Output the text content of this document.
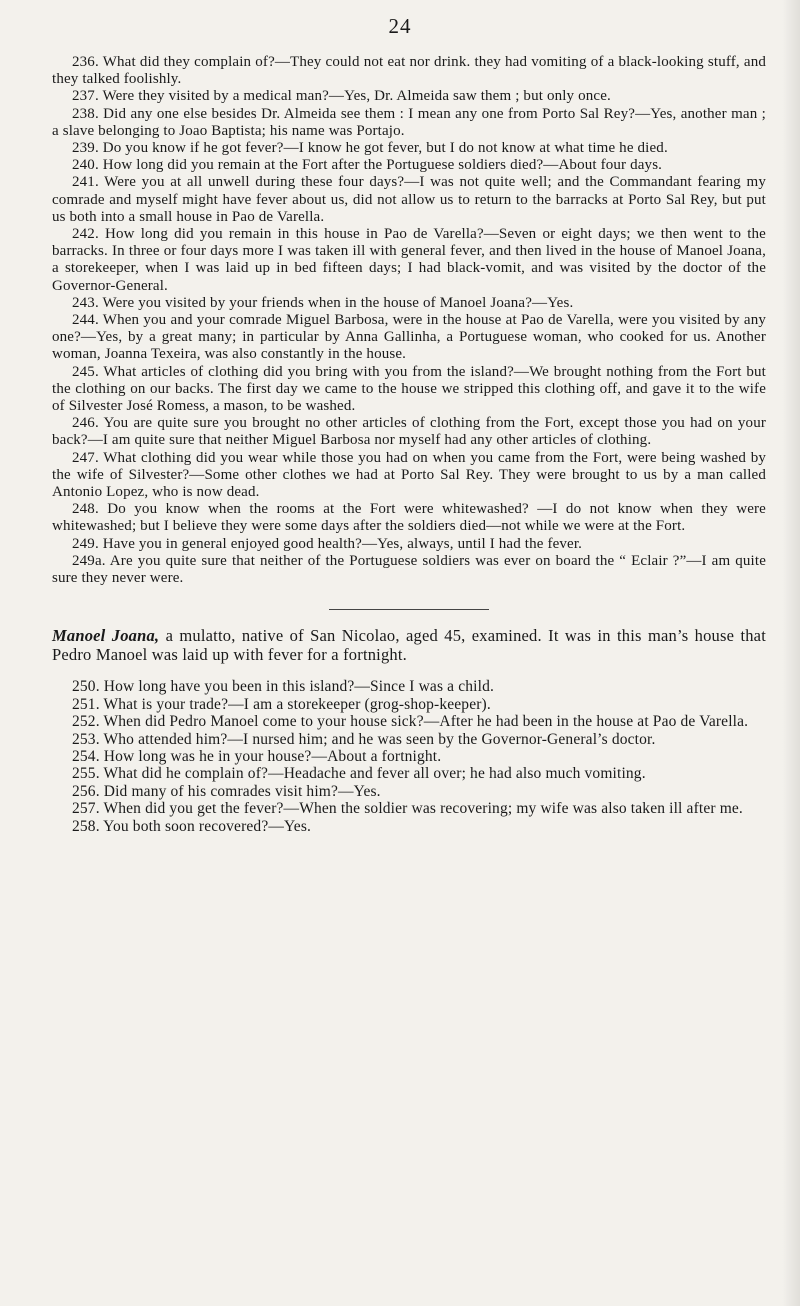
24

236. What did they complain of?—They could not eat nor drink. they had vomiting of a black-looking stuff, and they talked foolishly.

237. Were they visited by a medical man?—Yes, Dr. Almeida saw them ; but only once.

238. Did any one else besides Dr. Almeida see them : I mean any one from Porto Sal Rey?—Yes, another man ; a slave belonging to Joao Baptista; his name was Portajo.

239. Do you know if he got fever?—I know he got fever, but I do not know at what time he died.

240. How long did you remain at the Fort after the Portuguese soldiers died?—About four days.

241. Were you at all unwell during these four days?—I was not quite well; and the Commandant fearing my comrade and myself might have fever about us, did not allow us to return to the barracks at Porto Sal Rey, but put us both into a small house in Pao de Varella.

242. How long did you remain in this house in Pao de Varella?—Seven or eight days; we then went to the barracks. In three or four days more I was taken ill with general fever, and then lived in the house of Manoel Joana, a storekeeper, when I was laid up in bed fifteen days; I had black-vomit, and was visited by the doctor of the Governor-General.

243. Were you visited by your friends when in the house of Manoel Joana?—Yes.

244. When you and your comrade Miguel Barbosa, were in the house at Pao de Varella, were you visited by any one?—Yes, by a great many; in particular by Anna Gallinha, a Portuguese woman, who cooked for us. Another woman, Joanna Texeira, was also constantly in the house.

245. What articles of clothing did you bring with you from the island?—We brought nothing from the Fort but the clothing on our backs. The first day we came to the house we stripped this clothing off, and gave it to the wife of Silvester José Romess, a mason, to be washed.

246. You are quite sure you brought no other articles of clothing from the Fort, except those you had on your back?—I am quite sure that neither Miguel Barbosa nor myself had any other articles of clothing.

247. What clothing did you wear while those you had on when you came from the Fort, were being washed by the wife of Silvester?—Some other clothes we had at Porto Sal Rey. They were brought to us by a man called Antonio Lopez, who is now dead.

248. Do you know when the rooms at the Fort were whitewashed? —I do not know when they were whitewashed; but I believe they were some days after the soldiers died—not while we were at the Fort.

249. Have you in general enjoyed good health?—Yes, always, until I had the fever.

249a. Are you quite sure that neither of the Portuguese soldiers was ever on board the “ Eclair ?”—I am quite sure they never were.

Manoel Joana, a mulatto, native of San Nicolao, aged 45, examined. It was in this man’s house that Pedro Manoel was laid up with fever for a fortnight.

250. How long have you been in this island?—Since I was a child.

251. What is your trade?—I am a storekeeper (grog-shop-keeper).

252. When did Pedro Manoel come to your house sick?—After he had been in the house at Pao de Varella.

253. Who attended him?—I nursed him; and he was seen by the Governor-General’s doctor.

254. How long was he in your house?—About a fortnight.

255. What did he complain of?—Headache and fever all over; he had also much vomiting.

256. Did many of his comrades visit him?—Yes.

257. When did you get the fever?—When the soldier was recovering; my wife was also taken ill after me.

258. You both soon recovered?—Yes.
